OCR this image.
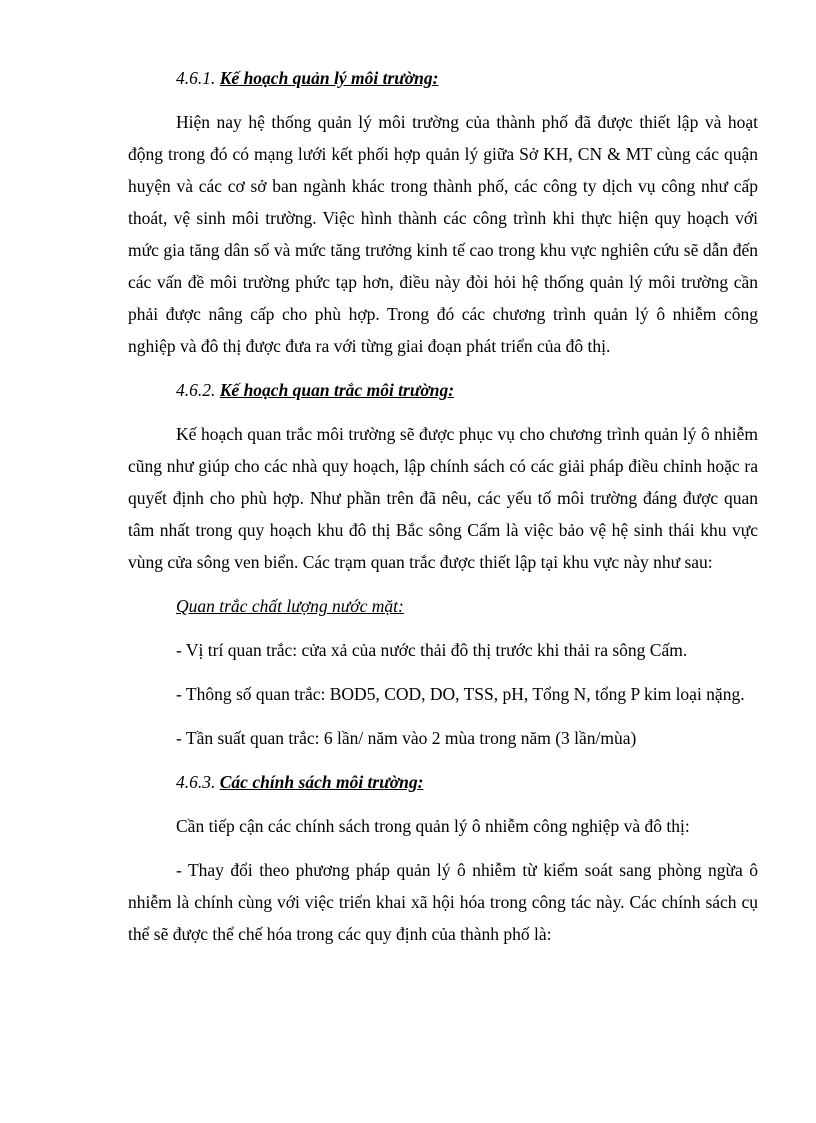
4.6.1. Kế hoạch quản lý môi trường:

Hiện nay hệ thống quản lý môi trường của thành phố đã được thiết lập và hoạt động trong đó có mạng lưới kết phối hợp quản lý giữa Sở KH, CN & MT cùng các quận huyện và các cơ sở ban ngành khác trong thành phố, các công ty dịch vụ công như cấp thoát, vệ sinh môi trường. Việc hình thành các công trình khi thực hiện quy hoạch với mức gia tăng dân số và mức tăng trưởng kinh tế cao trong khu vực nghiên cứu sẽ dẫn đến các vấn đề môi trường phức tạp hơn, điều này đòi hỏi hệ thống quản lý môi trường cần phải được nâng cấp cho phù hợp. Trong đó các chương trình quản lý ô nhiễm công nghiệp và đô thị được đưa ra với từng giai đoạn phát triển của đô thị.

4.6.2. Kế hoạch quan trắc môi trường:

Kế hoạch quan trắc môi trường sẽ được phục vụ cho chương trình quản lý ô nhiễm cũng như giúp cho các nhà quy hoạch, lập chính sách có các giải pháp điều chỉnh hoặc ra quyết định cho phù hợp. Như phần trên đã nêu, các yếu tố môi trường đáng được quan tâm nhất trong quy hoạch khu đô thị Bắc sông Cấm là việc bảo vệ hệ sinh thái khu vực vùng cửa sông ven biển. Các trạm quan trắc được thiết lập tại khu vực này như sau:

Quan trắc chất lượng nước mặt:

- Vị trí quan trắc: cửa xả của nước thải đô thị trước khi thải ra sông Cấm.

- Thông số quan trắc: BOD5, COD, DO, TSS, pH, Tổng N, tổng P kim loại nặng.

- Tần suất quan trắc: 6 lần/ năm vào 2 mùa trong năm (3 lần/mùa)

4.6.3. Các chính sách môi trường:

Cần tiếp cận các chính sách trong quản lý ô nhiễm công nghiệp và đô thị:

- Thay đổi theo phương pháp quản lý ô nhiễm từ kiểm soát sang phòng ngừa ô nhiễm là chính cùng với việc triển khai xã hội hóa trong công tác này. Các chính sách cụ thể sẽ được thể chế hóa trong các quy định của thành phố là:
